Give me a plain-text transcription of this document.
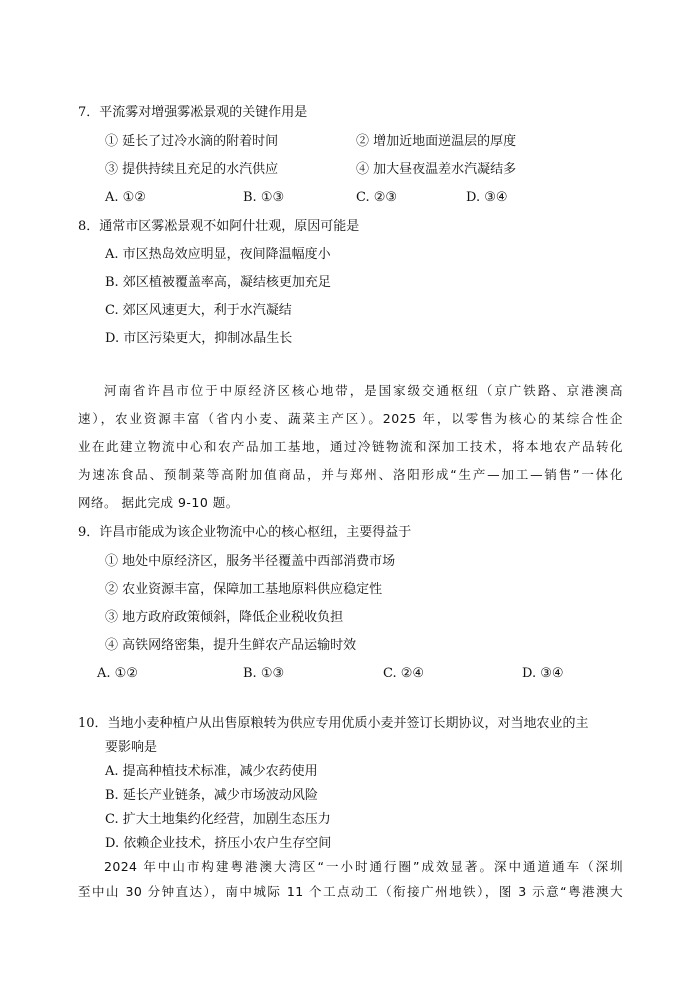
7．平流雾对增强雾凇景观的关键作用是
① 延长了过冷水滴的附着时间	② 增加近地面逆温层的厚度
③ 提供持续且充足的水汽供应	④ 加大昼夜温差水汽凝结多
A. ①②	B. ①③	C. ②③	D. ③④
8．通常市区雾凇景观不如阿什壮观，原因可能是
A. 市区热岛效应明显，夜间降温幅度小
B. 郊区植被覆盖率高，凝结核更加充足
C. 郊区风速更大，利于水汽凝结
D. 市区污染更大，抑制冰晶生长
河南省许昌市位于中原经济区核心地带，是国家级交通枢纽（京广铁路、京港澳高
速），农业资源丰富（省内小麦、蔬菜主产区）。2025 年，以零售为核心的某综合性企
业在此建立物流中心和农产品加工基地，通过冷链物流和深加工技术，将本地农产品转化
为速冻食品、预制菜等高附加值商品，并与郑州、洛阳形成“生产—加工—销售”一体化
网络。 据此完成 9-10 题。
9．许昌市能成为该企业物流中心的核心枢纽，主要得益于
① 地处中原经济区，服务半径覆盖中西部消费市场
② 农业资源丰富，保障加工基地原料供应稳定性
③ 地方政府政策倾斜，降低企业税收负担
④ 高铁网络密集，提升生鲜农产品运输时效
A. ①②	B. ①③	C. ②④	D. ③④
10．当地小麦种植户从出售原粮转为供应专用优质小麦并签订长期协议，对当地农业的主
要影响是
A. 提高种植技术标准，减少农药使用
B. 延长产业链条，减少市场波动风险
C. 扩大土地集约化经营，加剧生态压力
D. 依赖企业技术，挤压小农户生存空间
2024 年中山市构建粤港澳大湾区“一小时通行圈”成效显著。深中通道通车（深圳
至中山 30 分钟直达），南中城际 11 个工点动工（衔接广州地铁），图 3 示意“粤港澳大
